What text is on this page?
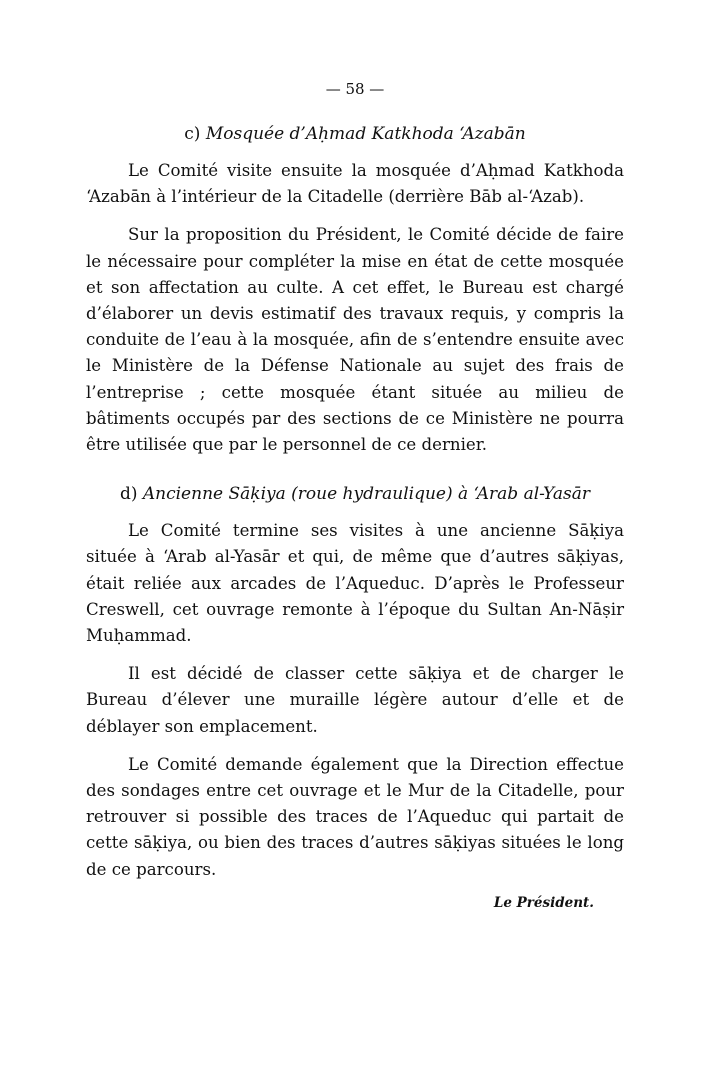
— 58 —
c) Mosquée d’Aḥmad Katkhoda ‘Azabān

Le Comité visite ensuite la mosquée d’Aḥmad Katkhoda ‘Azabān à l’intérieur de la Citadelle (derrière Bāb al-‘Azab).

Sur la proposition du Président, le Comité décide de faire le nécessaire pour compléter la mise en état de cette mosquée et son affectation au culte. A cet effet, le Bureau est chargé d’élaborer un devis estimatif des travaux requis, y compris la conduite de l’eau à la mosquée, afin de s’entendre ensuite avec le Ministère de la Défense Nationale au sujet des frais de l’entreprise ; cette mosquée étant située au milieu de bâtiments occupés par des sections de ce Ministère ne pourra être utilisée que par le personnel de ce dernier.

d) Ancienne Sāḳiya (roue hydraulique) à ‘Arab al-Yasār

Le Comité termine ses visites à une ancienne Sāḳiya située à ‘Arab al-Yasār et qui, de même que d’autres sāḳiyas, était reliée aux arcades de l’Aqueduc. D’après le Professeur Creswell, cet ouvrage remonte à l’époque du Sultan An-Nāṣir Muḥammad.

Il est décidé de classer cette sāḳiya et de charger le Bureau d’élever une muraille légère autour d’elle et de déblayer son emplacement.

Le Comité demande également que la Direction effectue des sondages entre cet ouvrage et le Mur de la Citadelle, pour retrouver si possible des traces de l’Aqueduc qui partait de cette sāḳiya, ou bien des traces d’autres sāḳiyas situées le long de ce parcours.

Le Président.
